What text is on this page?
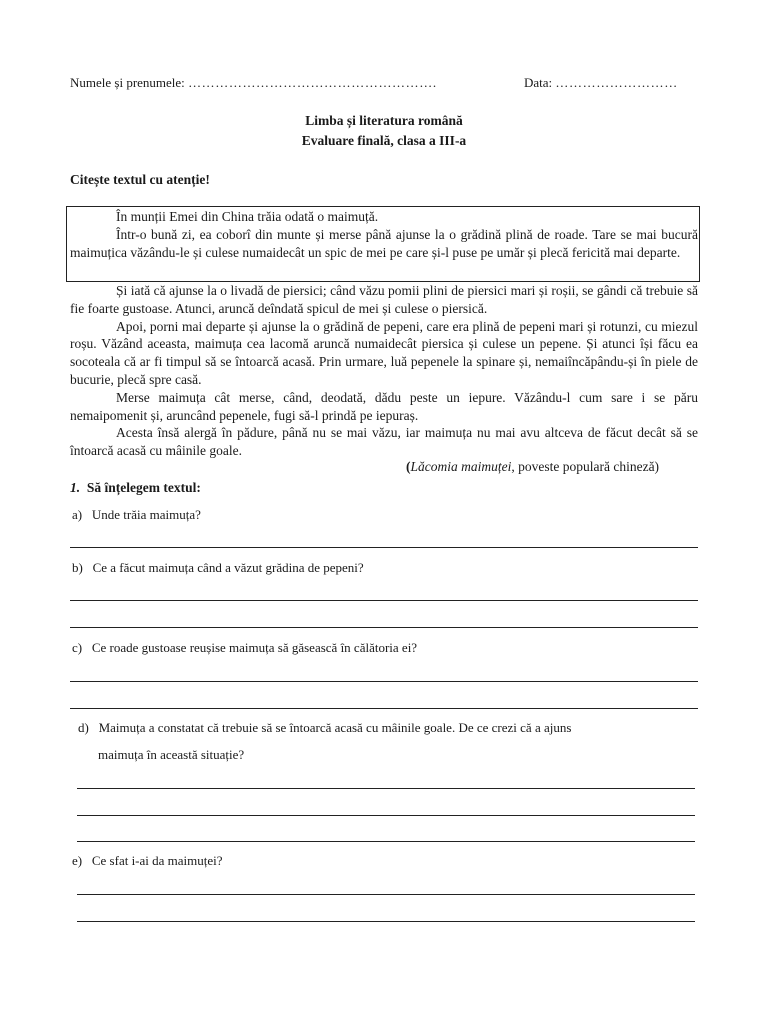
Numele și prenumele: ……………………………………………….	Data: ………………………
Limba și literatura română
Evaluare finală, clasa a III-a
Citește textul cu atenție!

În munții Emei din China trăia odată o maimuță.

Într-o bună zi, ea coborî din munte și merse până ajunse la o grădină plină de roade. Tare se mai bucură maimuțica văzându-le și culese numaidecât un spic de mei pe care și-l puse pe umăr și plecă fericită mai departe.

Și iată că ajunse la o livadă de piersici; când văzu pomii plini de piersici mari și roșii, se gândi că trebuie să fie foarte gustoase. Atunci, aruncă deîndată spicul de mei și culese o piersică.

Apoi, porni mai departe și ajunse la o grădină de pepeni, care era plină de pepeni mari și rotunzi, cu miezul roșu. Văzând aceasta, maimuța cea lacomă aruncă numaidecât piersica și culese un pepene. Și atunci își făcu ea socoteala că ar fi timpul să se întoarcă acasă. Prin urmare, luă pepenele la spinare și, nemaiîncăpându-și în piele de bucurie, plecă spre casă.

Merse maimuța cât merse, când, deodată, dădu peste un iepure. Văzându-l cum sare i se păru nemaipomenit și, aruncând pepenele, fugi să-l prindă pe iepuraș.

Acesta însă alergă în pădure, până nu se mai văzu, iar maimuța nu mai avu altceva de făcut decât să se întoarcă acasă cu mâinile goale.

(Lăcomia maimuței, poveste populară chineză)
1. Să înțelegem textul:
a) Unde trăia maimuța?
b) Ce a făcut maimuța când a văzut grădina de pepeni?
c) Ce roade gustoase reușise maimuța să găsească în călătoria ei?
d) Maimuța a constatat că trebuie să se întoarcă acasă cu mâinile goale. De ce crezi că a ajuns
maimuța în această situație?
e) Ce sfat i-ai da maimuței?
